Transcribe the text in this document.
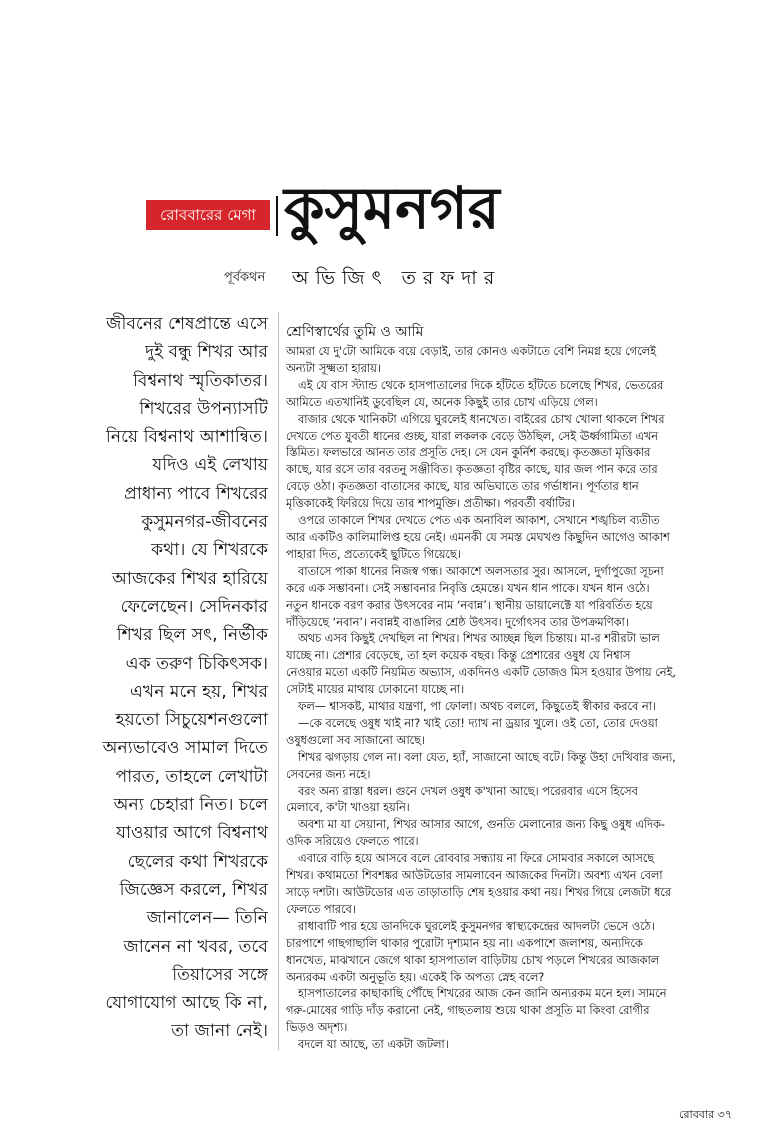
রোববারের মেগা কুসুমনগর
পূর্বকথন অভিজিৎ তরফদার
জীবনের শেষপ্রান্তে এসে
দুই বন্ধু শিখর আর
বিশ্বনাথ স্মৃতিকাতর।
শিখরের উপন্যাসটি
নিয়ে বিশ্বনাথ আশান্বিত।
যদিও এই লেখায়
প্রাধান্য পাবে শিখরের
কুসুমনগর-জীবনের
কথা। যে শিখরকে
আজকের শিখর হারিয়ে
ফেলেছেন। সেদিনকার
শিখর ছিল সৎ, নির্ভীক
এক তরুণ চিকিৎসক।
এখন মনে হয়, শিখর
হয়তো সিচুয়েশনগুলো
অন্যভাবেও সামাল দিতে
পারত, তাহলে লেখাটা
অন্য চেহারা নিত। চলে
যাওয়ার আগে বিশ্বনাথ
ছেলের কথা শিখরকে
জিজ্ঞেস করলে, শিখর
জানালেন— তিনি
জানেন না খবর, তবে
তিয়াসের সঙ্গে
যোগাযোগ আছে কি না,
তা জানা নেই।
শ্রেণিস্বার্থের তুমি ও আমি
আমরা যে দু'টো আমিকে বয়ে বেড়াই, তার কোনও একটাতে বেশি নিমগ্ন হয়ে গেলেই
অন্যটা সূক্ষ্মতা হারায়।
এই যে বাস স্ট্যান্ড থেকে হাসপাতালের দিকে হাঁটতে হাঁটতে চলেছে শিখর, ভেতরের
আমিতে এতখানিই ডুবেছিল যে, অনেক কিছুই তার চোখ এড়িয়ে গেল।
বাজার থেকে খানিকটা এগিয়ে ঘুরলেই ধানখেত। বাইরের চোখ খোলা থাকলে শিখর
দেখতে পেত যুবতী ধানের গুচ্ছ, যারা লকলক বেড়ে উঠছিল, সেই ঊর্ধ্বগামিতা এখন
স্তিমিত। ফলভারে আনত তার প্রসূতি দেহ। সে যেন কুর্নিশ করছে। কৃতজ্ঞতা মৃত্তিকার
কাছে, যার রসে তার বরতনু সঞ্জীবিত। কৃতজ্ঞতা বৃষ্টির কাছে, যার জল পান করে তার
বেড়ে ওঠা। কৃতজ্ঞতা বাতাসের কাছে, যার অভিঘাতে তার গর্ভাধান। পূর্ণতার ধান
মৃত্তিকাকেই ফিরিয়ে দিয়ে তার শাপমুক্তি। প্রতীক্ষা। পরবর্তী বর্ষাটির।
ওপরে তাকালে শিখর দেখতে পেত এক অনাবিল আকাশ, সেখানে শঙ্খচিল ব্যতীত
আর একটিও কালিমালিপ্ত হয়ে নেই। এমনকী যে সমস্ত মেঘখণ্ড কিছুদিন আগেও আকাশ
পাহারা দিত, প্রত্যেকেই ছুটিতে গিয়েছে।
বাতাসে পাকা ধানের নিজস্ব গন্ধ। আকাশে অলসতার সুর। আসলে, দুর্গাপুজো সূচনা
করে এক সম্ভাবনা। সেই সম্ভাবনার নিবৃত্তি হেমন্তে। যখন ধান পাকে। যখন ধান ওঠে।
নতুন ধানকে বরণ করার উৎসবের নাম ‘নবান্ন’। স্থানীয় ডায়ালেক্টে যা পরিবর্তিত হয়ে
দাঁড়িয়েছে ‘নবান’। নবান্নই বাঙালির শ্রেষ্ঠ উৎসব। দুর্গোৎসব তার উপক্রমণিকা।
অথচ এসব কিছুই দেখছিল না শিখর। শিখর আচ্ছন্ন ছিল চিন্তায়। মা-র শরীরটা ভাল
যাচ্ছে না। প্রেশার বেড়েছে, তা হল কয়েক বছর। কিন্তু প্রেশারের ওষুধ যে নিশ্বাস
নেওয়ার মতো একটি নিয়মিত অভ্যাস, একদিনও একটি ডোজও মিস হওয়ার উপায় নেই,
সেটাই মায়ের মাথায় ঢোকানো যাচ্ছে না।
ফল— শ্বাসকষ্ট, মাথার যন্ত্রণা, পা ফোলা। অথচ বললে, কিছুতেই স্বীকার করবে না।
—কে বলেছে ওষুধ খাই না? খাই তো! দ্যাখ না ড্রয়ার খুলে। ওই তো, তোর দেওয়া
ওষুধগুলো সব সাজানো আছে।
শিখর ঝগড়ায় গেল না। বলা যেত, হ্যাঁ, সাজানো আছে বটে। কিন্তু উহা দেখিবার জন্য,
সেবনের জন্য নহে।
বরং অন্য রাস্তা ধরল। গুনে দেখল ওষুধ ক'খানা আছে। পরেরবার এসে হিসেব
মেলাবে, ক'টা খাওয়া হয়নি।
অবশ্য মা যা সেয়ানা, শিখর আসার আগে, গুনতি মেলানোর জন্য কিছু ওষুধ এদিক-
ওদিক সরিয়েও ফেলতে পারে।
এবারে বাড়ি হয়ে আসবে বলে রোববার সন্ধ্যায় না ফিরে সোমবার সকালে আসছে
শিখর। কথামতো শিবশঙ্কর আউটডোর সামলাবেন আজকের দিনটা। অবশ্য এখন বেলা
সাড়ে দশটা। আউটডোর এত তাড়াতাড়ি শেষ হওয়ার কথা নয়। শিখর গিয়ে লেজটা ধরে
ফেলতে পারবে।
রাধাবাটি পার হয়ে ডানদিকে ঘুরলেই কুসুমনগর স্বাস্থ্যকেন্দ্রের আদলটা ভেসে ওঠে।
চারপাশে গাছগাছালি থাকার পুরোটা দৃশ্যমান হয় না। একপাশে জলাশয়, অন্যদিকে
ধানখেত, মাঝখানে জেগে থাকা হাসপাতাল বাড়িটায় চোখ পড়লে শিখরের আজকাল
অন্যরকম একটা অনুভূতি হয়। একেই কি অপত্য স্নেহ বলে?
হাসপাতালের কাছাকাছি পৌঁছে শিখরের আজ কেন জানি অন্যরকম মনে হল। সামনে
গরু-মোষের গাড়ি দাঁড় করানো নেই, গাছতলায় শুয়ে থাকা প্রসূতি মা কিংবা রোগীর
ভিড়ও অদৃশ্য।
বদলে যা আছে, তা একটা জটলা।
রোববার ৩৭
